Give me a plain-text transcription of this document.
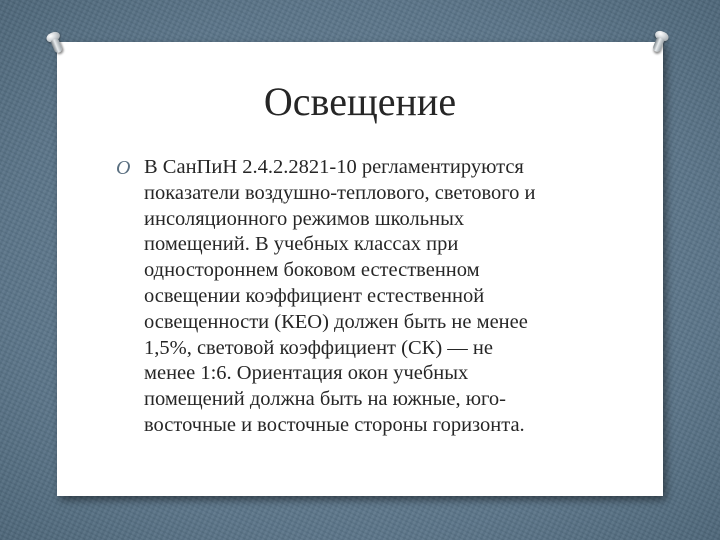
Освещение
O В СанПиН 2.4.2.2821-10 регламентируются
показатели воздушно-теплового, светового и
инсоляционного режимов школьных
помещений. В учебных классах при
одностороннем боковом естественном
освещении коэффициент естественной
освещенности (КЕО) должен быть не менее
1,5%, световой коэффициент (СК) — не
менее 1:6. Ориентация окон учебных
помещений должна быть на южные, юго-
восточные и восточные стороны горизонта.
